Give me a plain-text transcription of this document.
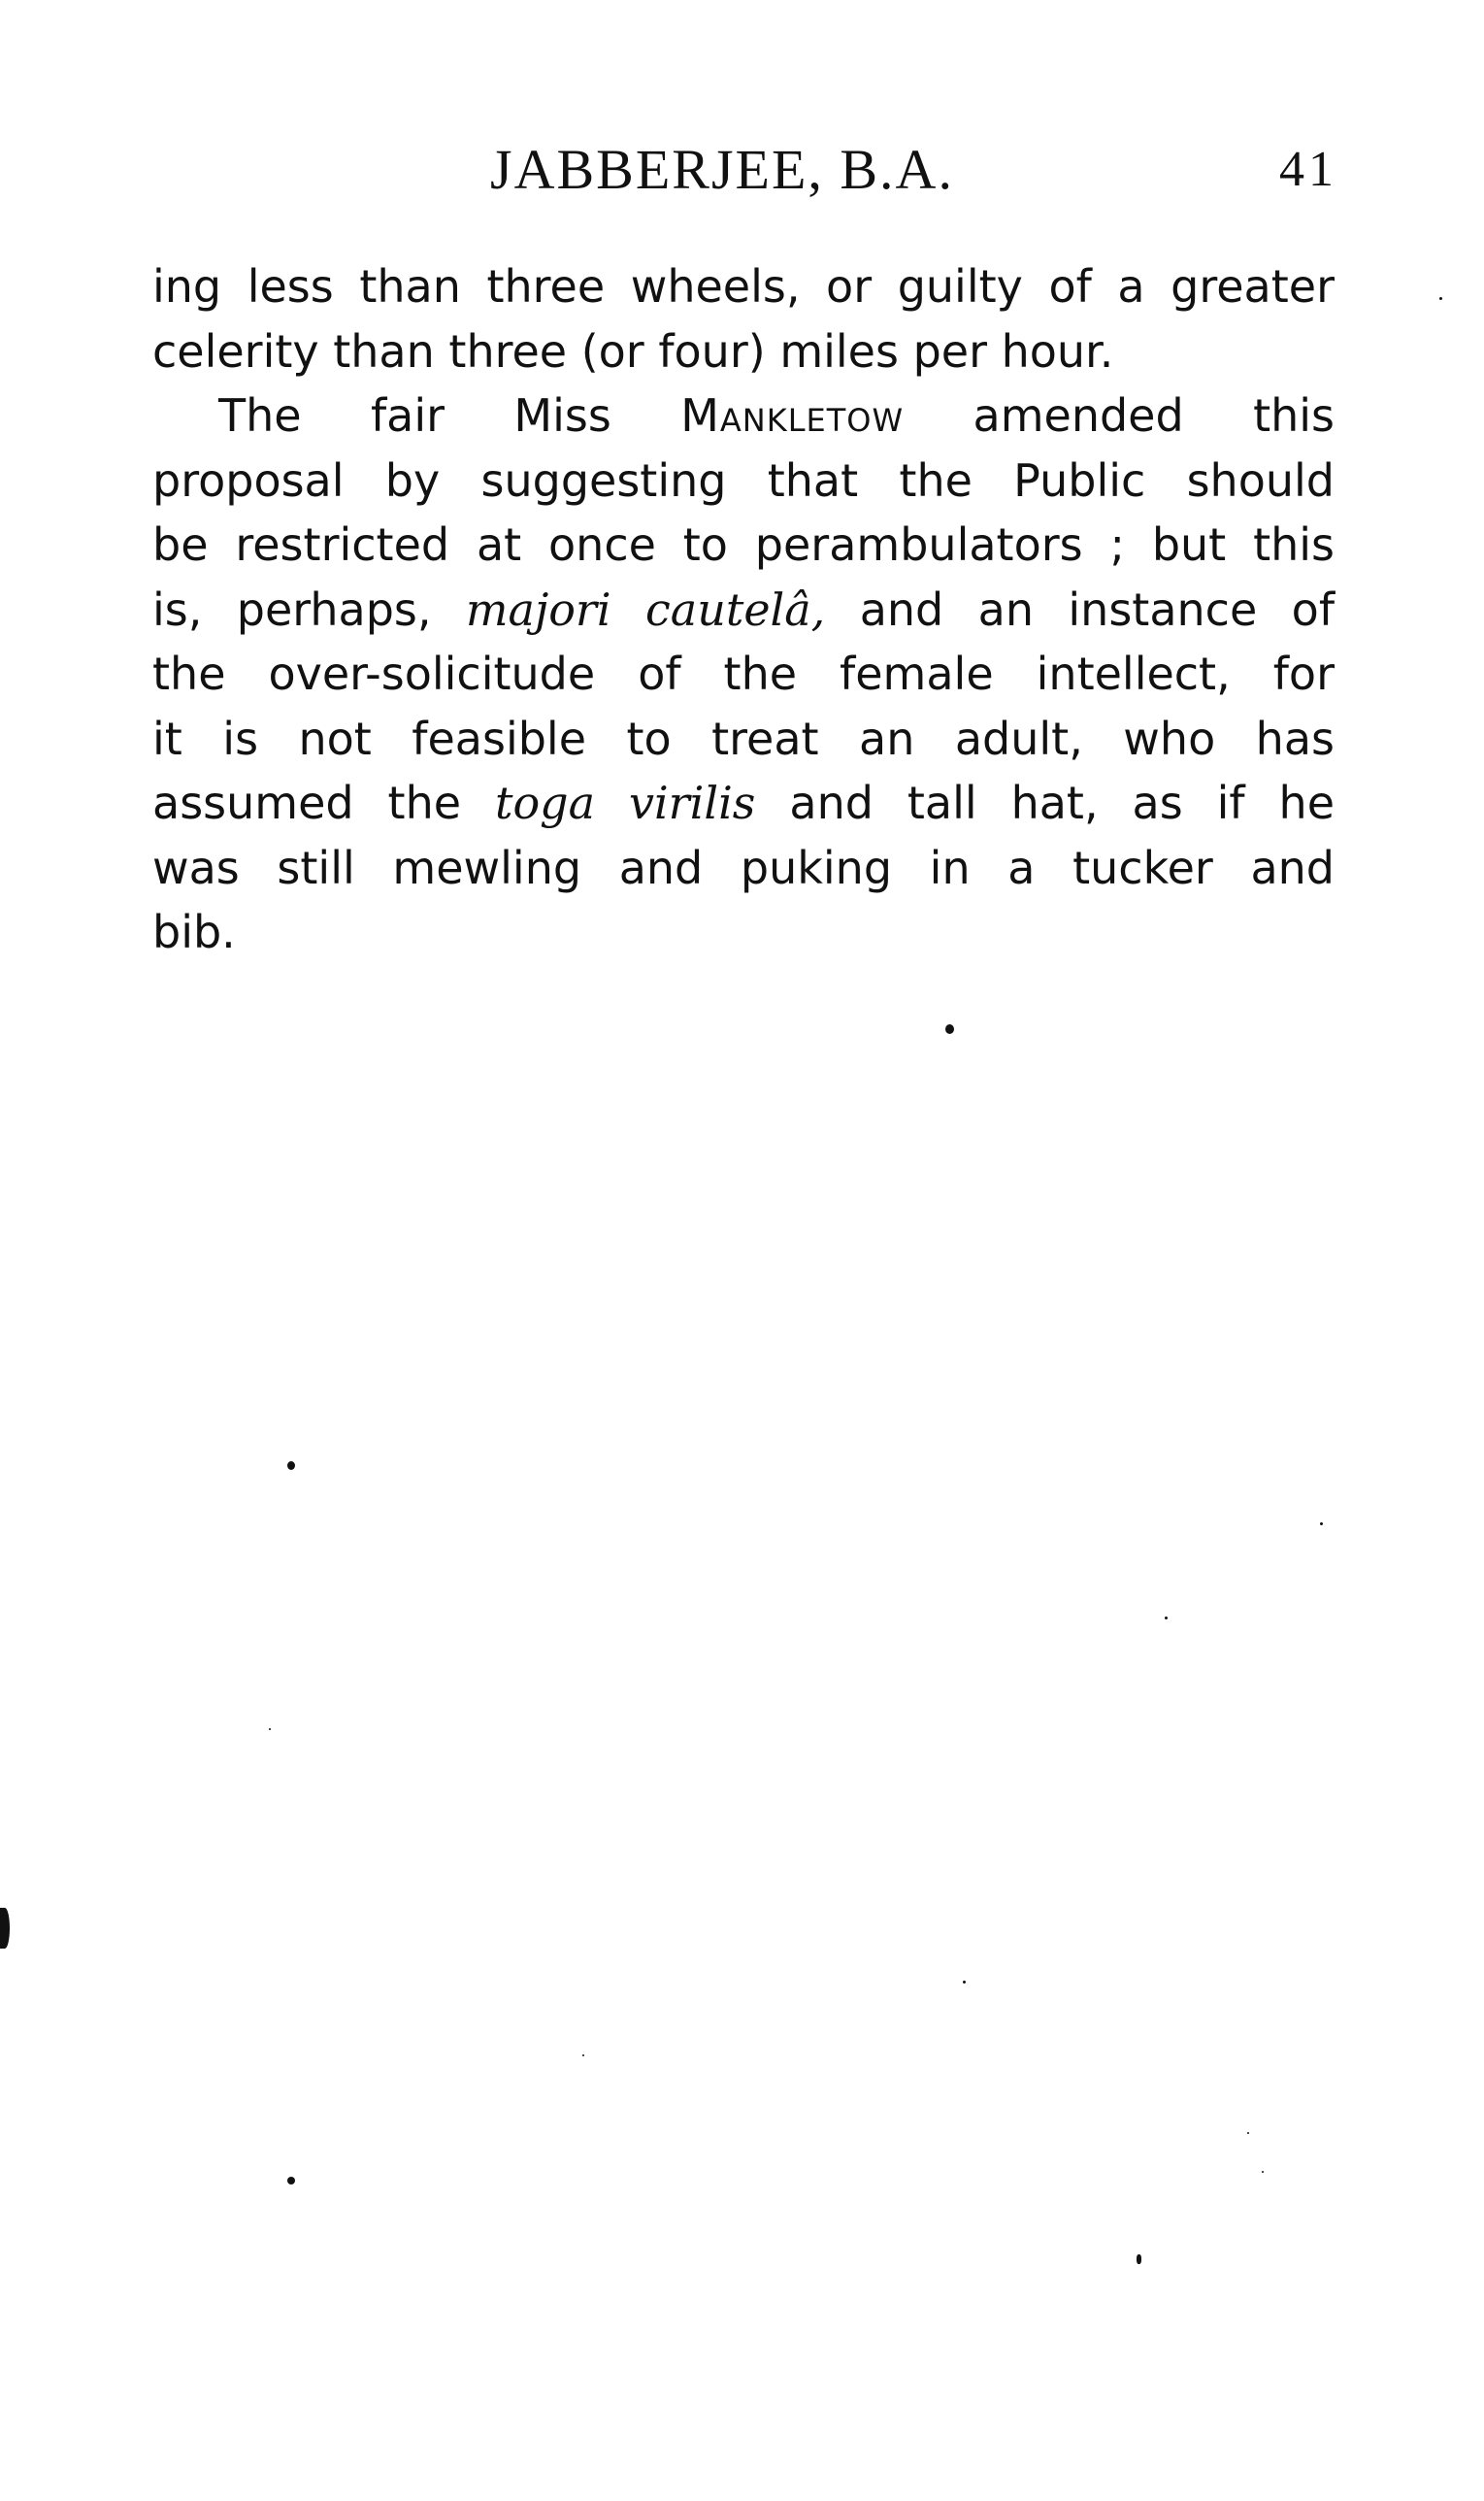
JABBERJEE, B.A.	41

ing less than three wheels, or guilty of a greater
celerity than three (or four) miles per hour.

The fair Miss Mankletow amended this
proposal by suggesting that the Public should
be restricted at once to perambulators ; but this
is, perhaps, majori cautelâ, and an instance of
the over-solicitude of the female intellect, for
it is not feasible to treat an adult, who has
assumed the toga virilis and tall hat, as if he
was still mewling and puking in a tucker and
bib.
